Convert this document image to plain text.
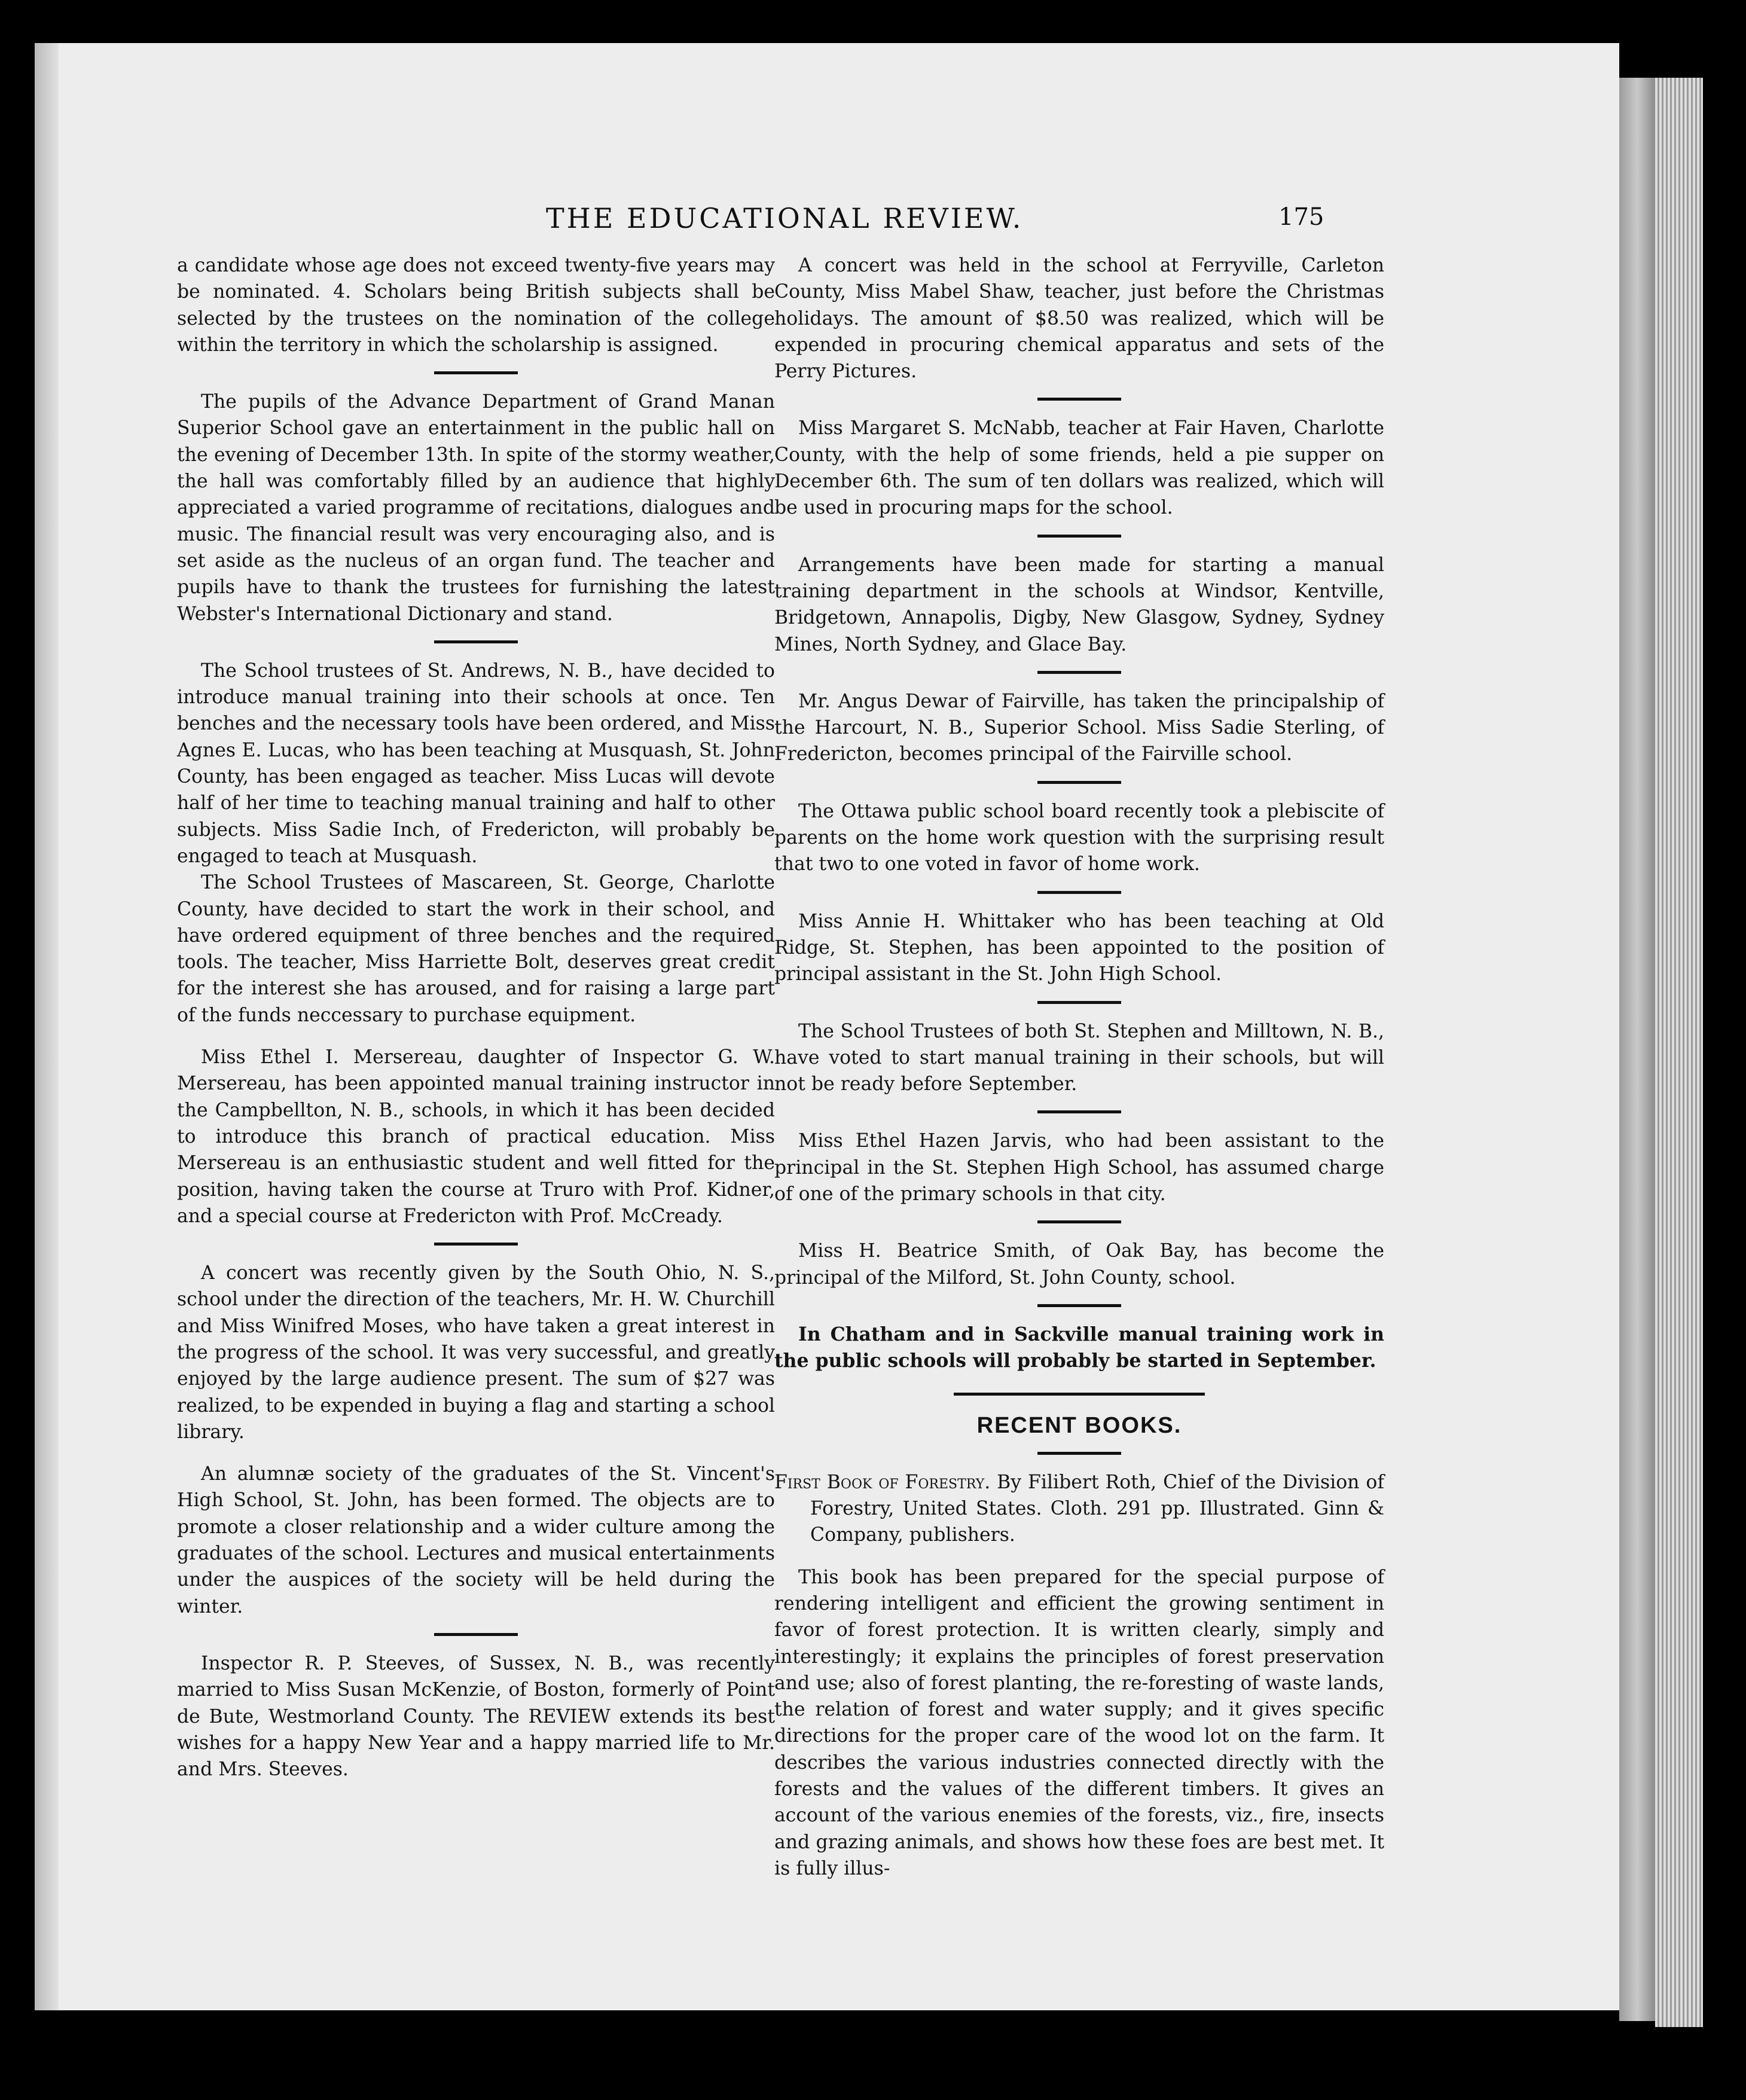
THE EDUCATIONAL REVIEW.	175

a candidate whose age does not exceed twenty-five years may be nominated. 4. Scholars being British subjects shall be selected by the trustees on the nomination of the college within the territory in which the scholarship is assigned.

The pupils of the Advance Department of Grand Manan Superior School gave an entertainment in the public hall on the evening of December 13th. In spite of the stormy weather, the hall was comfortably filled by an audience that highly appreciated a varied programme of recitations, dialogues and music. The financial result was very encouraging also, and is set aside as the nucleus of an organ fund. The teacher and pupils have to thank the trustees for furnishing the latest Webster's International Dictionary and stand.

The School trustees of St. Andrews, N. B., have decided to introduce manual training into their schools at once. Ten benches and the necessary tools have been ordered, and Miss Agnes E. Lucas, who has been teaching at Musquash, St. John County, has been engaged as teacher. Miss Lucas will devote half of her time to teaching manual training and half to other subjects. Miss Sadie Inch, of Fredericton, will probably be engaged to teach at Musquash.

The School Trustees of Mascareen, St. George, Charlotte County, have decided to start the work in their school, and have ordered equipment of three benches and the required tools. The teacher, Miss Harriette Bolt, deserves great credit for the interest she has aroused, and for raising a large part of the funds neccessary to purchase equipment.

Miss Ethel I. Mersereau, daughter of Inspector G. W. Mersereau, has been appointed manual training instructor in the Campbellton, N. B., schools, in which it has been decided to introduce this branch of practical education. Miss Mersereau is an enthusiastic student and well fitted for the position, having taken the course at Truro with Prof. Kidner, and a special course at Fredericton with Prof. McCready.

A concert was recently given by the South Ohio, N. S., school under the direction of the teachers, Mr. H. W. Churchill and Miss Winifred Moses, who have taken a great interest in the progress of the school. It was very successful, and greatly enjoyed by the large audience present. The sum of $27 was realized, to be expended in buying a flag and starting a school library.

An alumnæ society of the graduates of the St. Vincent's High School, St. John, has been formed. The objects are to promote a closer relationship and a wider culture among the graduates of the school. Lectures and musical entertainments under the auspices of the society will be held during the winter.

Inspector R. P. Steeves, of Sussex, N. B., was recently married to Miss Susan McKenzie, of Boston, formerly of Point de Bute, Westmorland County. The REVIEW extends its best wishes for a happy New Year and a happy married life to Mr. and Mrs. Steeves.

A concert was held in the school at Ferryville, Carleton County, Miss Mabel Shaw, teacher, just before the Christmas holidays. The amount of $8.50 was realized, which will be expended in procuring chemical apparatus and sets of the Perry Pictures.

Miss Margaret S. McNabb, teacher at Fair Haven, Charlotte County, with the help of some friends, held a pie supper on December 6th. The sum of ten dollars was realized, which will be used in procuring maps for the school.

Arrangements have been made for starting a manual training department in the schools at Windsor, Kentville, Bridgetown, Annapolis, Digby, New Glasgow, Sydney, Sydney Mines, North Sydney, and Glace Bay.

Mr. Angus Dewar of Fairville, has taken the principalship of the Harcourt, N. B., Superior School. Miss Sadie Sterling, of Fredericton, becomes principal of the Fairville school.

The Ottawa public school board recently took a plebiscite of parents on the home work question with the surprising result that two to one voted in favor of home work.

Miss Annie H. Whittaker who has been teaching at Old Ridge, St. Stephen, has been appointed to the position of principal assistant in the St. John High School.

The School Trustees of both St. Stephen and Milltown, N. B., have voted to start manual training in their schools, but will not be ready before September.

Miss Ethel Hazen Jarvis, who had been assistant to the principal in the St. Stephen High School, has assumed charge of one of the primary schools in that city.

Miss H. Beatrice Smith, of Oak Bay, has become the principal of the Milford, St. John County, school.

In Chatham and in Sackville manual training work in the public schools will probably be started in September.

RECENT BOOKS.

First Book of Forestry. By Filibert Roth, Chief of the Division of Forestry, United States. Cloth. 291 pp. Illustrated. Ginn & Company, publishers.

This book has been prepared for the special purpose of rendering intelligent and efficient the growing sentiment in favor of forest protection. It is written clearly, simply and interestingly; it explains the principles of forest preservation and use; also of forest planting, the re-foresting of waste lands, the relation of forest and water supply; and it gives specific directions for the proper care of the wood lot on the farm. It describes the various industries connected directly with the forests and the values of the different timbers. It gives an account of the various enemies of the forests, viz., fire, insects and grazing animals, and shows how these foes are best met. It is fully illus-
